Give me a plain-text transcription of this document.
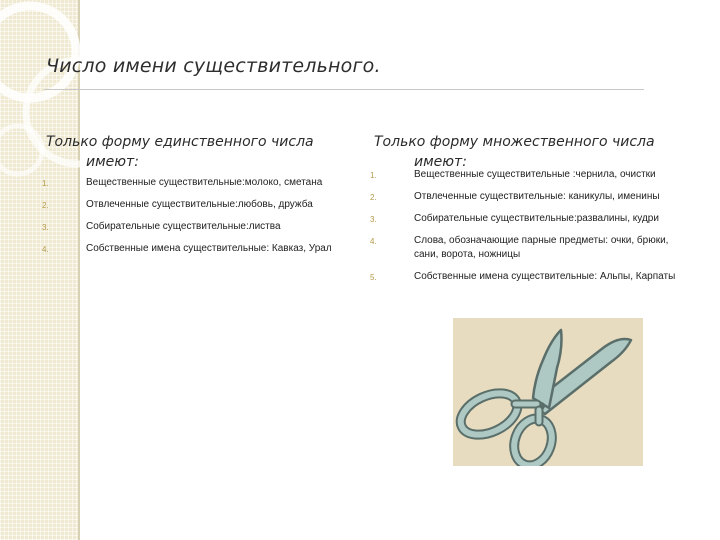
Число имени существительного.
Только форму единственного числа
имеют:
1.	Вещественные существительные:молоко, сметана
2.	Отвлеченные существительные:любовь, дружба
3.	Собирательные существительные:листва
4.	Собственные имена существительные: Кавказ, Урал
Только форму множественного числа
имеют:
1.	Вещественные существительные :чернила, очистки
2.	Отвлеченные существительные: каникулы, именины
3.	Собирательные существительные:развалины, кудри
4.	Слова, обозначающие парные предметы: очки, брюки, сани, ворота, ножницы
5.	Собственные имена существительные: Альпы, Карпаты
